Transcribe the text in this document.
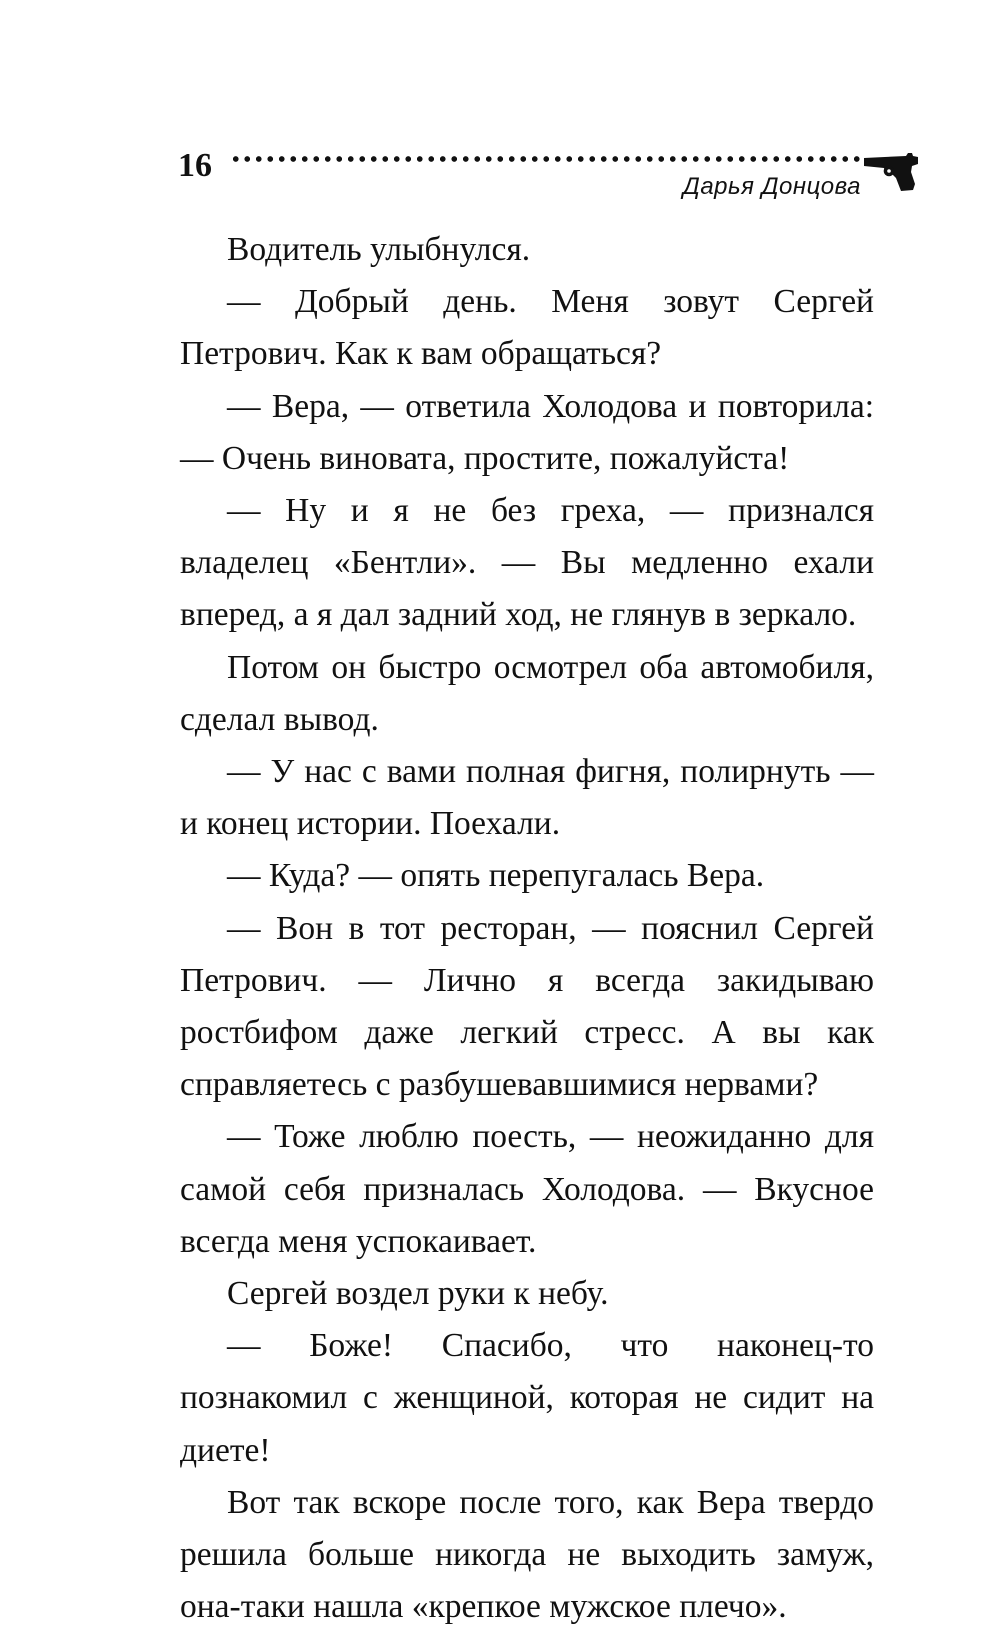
16
Дарья Донцова

Водитель улыбнулся.

— Добрый день. Меня зовут Сергей Петрович. Как к вам обращаться?

— Вера, — ответила Холодова и повторила: — Очень виновата, простите, пожалуйста!

— Ну и я не без греха, — признался владелец «Бентли». — Вы медленно ехали вперед, а я дал задний ход, не глянув в зеркало.

Потом он быстро осмотрел оба автомобиля, сделал вывод.

— У нас с вами полная фигня, полирнуть — и конец истории. Поехали.

— Куда? — опять перепугалась Вера.

— Вон в тот ресторан, — пояснил Сергей Петрович. — Лично я всегда закидываю ростбифом даже легкий стресс. А вы как справляетесь с разбушевавшимися нервами?

— Тоже люблю поесть, — неожиданно для самой себя призналась Холодова. — Вкусное всегда меня успокаивает.

Сергей воздел руки к небу.

— Боже! Спасибо, что наконец-то познакомил с женщиной, которая не сидит на диете!

Вот так вскоре после того, как Вера твердо решила больше никогда не выходить замуж, она-таки нашла «крепкое мужское плечо».
